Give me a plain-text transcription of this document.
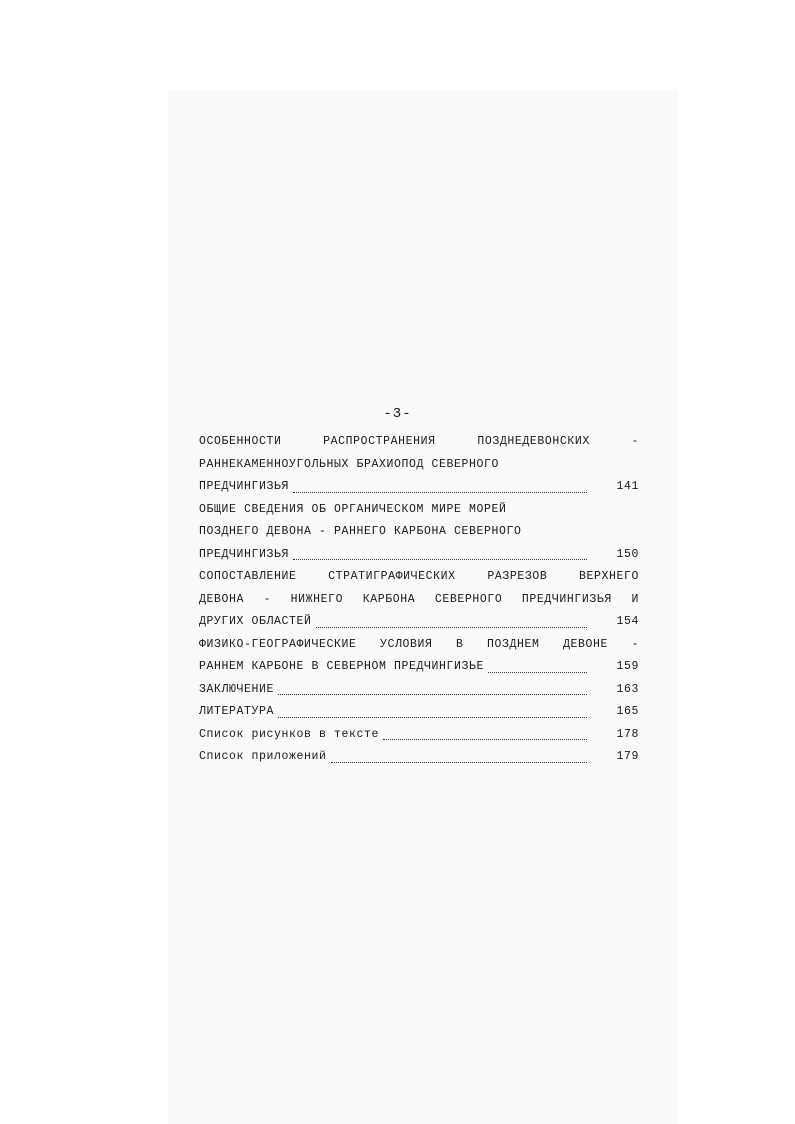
-3-
ОСОБЕННОСТИ РАСПРОСТРАНЕНИЯ ПОЗДНЕДЕВОНСКИХ -
РАННЕКАМЕННОУГОЛЬНЫХ БРАХИОПОД СЕВЕРНОГО
ПРЕДЧИНГИЗЬЯ	141
ОБЩИЕ СВЕДЕНИЯ ОБ ОРГАНИЧЕСКОМ МИРЕ МОРЕЙ
ПОЗДНЕГО ДЕВОНА - РАННЕГО КАРБОНА СЕВЕРНОГО
ПРЕДЧИНГИЗЬЯ	150
СОПОСТАВЛЕНИЕ СТРАТИГРАФИЧЕСКИХ РАЗРЕЗОВ ВЕРХНЕГО
ДЕВОНА - НИЖНЕГО КАРБОНА СЕВЕРНОГО ПРЕДЧИНГИЗЬЯ И
ДРУГИХ ОБЛАСТЕЙ	154
ФИЗИКО-ГЕОГРАФИЧЕСКИЕ УСЛОВИЯ В ПОЗДНЕМ ДЕВОНЕ -
РАННЕМ КАРБОНЕ В СЕВЕРНОМ ПРЕДЧИНГИЗЬЕ	159
ЗАКЛЮЧЕНИЕ	163
ЛИТЕРАТУРА	165
Список рисунков в тексте	178
Список приложений	179
